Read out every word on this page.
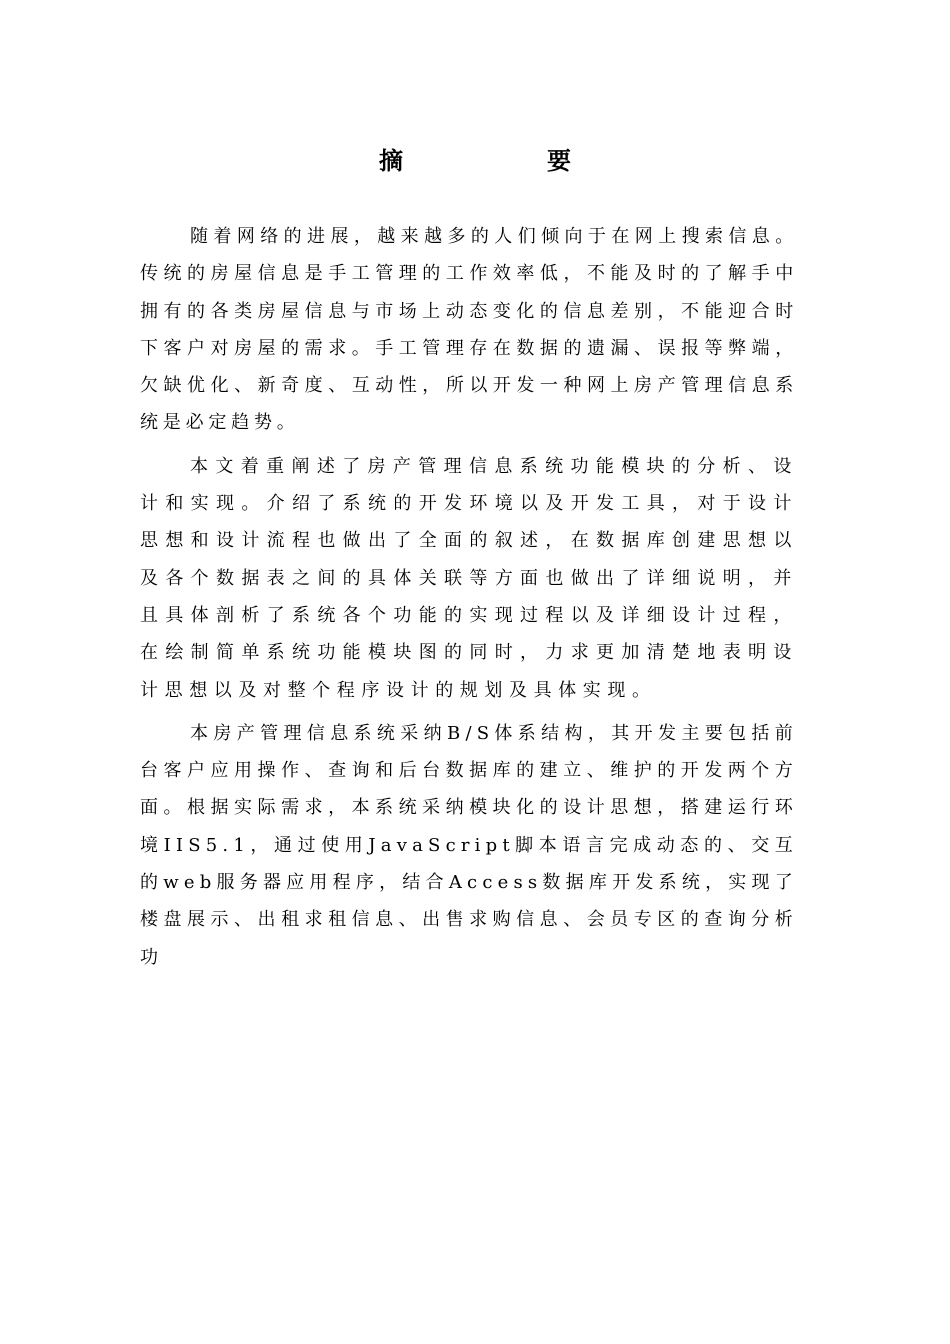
摘　要

随着网络的进展，越来越多的人们倾向于在网上搜索信息。传统的房屋信息是手工管理的工作效率低，不能及时的了解手中拥有的各类房屋信息与市场上动态变化的信息差别，不能迎合时下客户对房屋的需求。手工管理存在数据的遗漏、误报等弊端，欠缺优化、新奇度、互动性，所以开发一种网上房产管理信息系统是必定趋势。

本文着重阐述了房产管理信息系统功能模块的分析、设计和实现。介绍了系统的开发环境以及开发工具，对于设计思想和设计流程也做出了全面的叙述，在数据库创建思想以及各个数据表之间的具体关联等方面也做出了详细说明，并且具体剖析了系统各个功能的实现过程以及详细设计过程，在绘制简单系统功能模块图的同时，力求更加清楚地表明设计思想以及对整个程序设计的规划及具体实现。

本房产管理信息系统采纳B/S体系结构，其开发主要包括前台客户应用操作、查询和后台数据库的建立、维护的开发两个方面。根据实际需求，本系统采纳模块化的设计思想，搭建运行环境IIS5.1，通过使用JavaScript脚本语言完成动态的、交互的web服务器应用程序，结合Access数据库开发系统，实现了楼盘展示、出租求租信息、出售求购信息、会员专区的查询分析功
